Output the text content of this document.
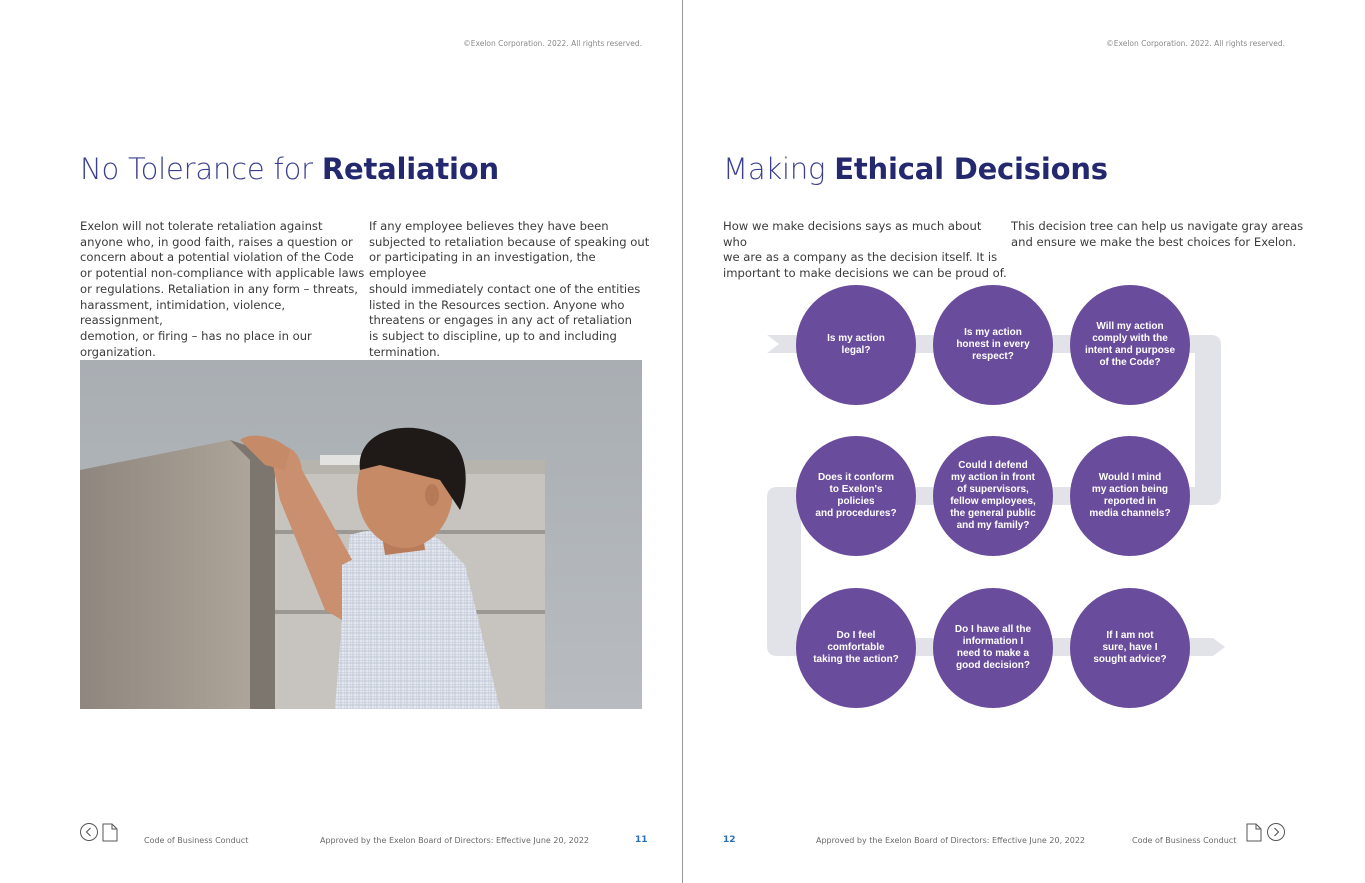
©Exelon Corporation. 2022. All rights reserved.
No Tolerance for Retaliation

Exelon will not tolerate retaliation against
anyone who, in good faith, raises a question or
concern about a potential violation of the Code
or potential non-compliance with applicable laws
or regulations. Retaliation in any form – threats,
harassment, intimidation, violence, reassignment,
demotion, or firing – has no place in our
organization.

If any employee believes they have been
subjected to retaliation because of speaking out
or participating in an investigation, the employee
should immediately contact one of the entities
listed in the Resources section. Anyone who
threatens or engages in any act of retaliation
is subject to discipline, up to and including
termination.

Code of Business Conduct	Approved by the Exelon Board of Directors: Effective June 20, 2022	11
©Exelon Corporation. 2022. All rights reserved.
Making Ethical Decisions

How we make decisions says as much about who
we are as a company as the decision itself. It is
important to make decisions we can be proud of.

This decision tree can help us navigate gray areas
and ensure we make the best choices for Exelon.

Is my action
legal?
Is my action
honest in every
respect?
Will my action
comply with the
intent and purpose
of the Code?
Does it conform
to Exelon's policies
and procedures?
Could I defend
my action in front
of supervisors,
fellow employees,
the general public
and my family?
Would I mind
my action being
reported in
media channels?
Do I feel
comfortable
taking the action?
Do I have all the
information I
need to make a
good decision?
If I am not
sure, have I
sought advice?
12	Approved by the Exelon Board of Directors: Effective June 20, 2022	Code of Business Conduct
